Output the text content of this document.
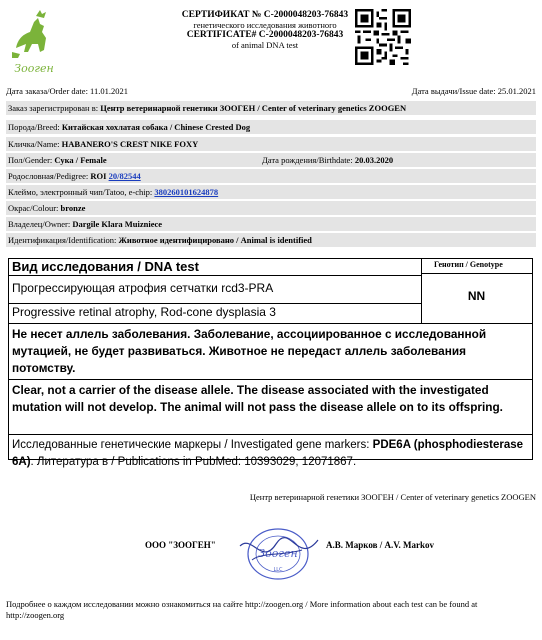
Зооген
СЕРТИФИКАТ № C-2000048203-76843
генетического исследования животного
CERTIFICATE# C-2000048203-76843
of animal DNA test
Дата заказа/Order date: 11.01.2021	Дата выдачи/Issue date: 25.01.2021
Заказ зарегистрирован в: Центр ветеринарной генетики ЗООГЕН / Center of veterinary genetics ZOOGEN
Порода/Breed: Китайская хохлатая собака / Chinese Crested Dog
Кличка/Name: HABANERO'S CREST NIKE FOXY
Пол/Gender: Сука / Female	Дата рождения/Birthdate: 20.03.2020
Родословная/Pedigree: ROI 20/82544
Клеймо, электронный чип/Tatoo, e-chip: 380260101624878
Окрас/Colour: bronze
Владелец/Owner: Dargile Klara Muizniece
Идентификация/Identification: Животное идентифицировано / Animal is identified
Вид исследования / DNA test	Генотип / Genotype
Прогрессирующая атрофия сетчатки rcd3-PRA
Progressive retinal atrophy, Rod-cone dysplasia 3
NN
Не несет аллель заболевания. Заболевание, ассоциированное с исследованной мутацией, не будет развиваться. Животное не передаст аллель заболевания потомству.
Clear, not a carrier of the disease allele. The disease associated with the investigated mutation will not develop. The animal will not pass the disease allele on to its offspring.
Исследованные генетические маркеры / Investigated gene markers: PDE6A (phosphodiesterase 6A). Литература в / Publications in PubMed: 10393029, 12071867.
Центр ветеринарной генетики ЗООГЕН / Center of veterinary genetics ZOOGEN
ООО "ЗООГЕН"
Зооген
LLC
А.В. Марков / A.V. Markov
Подробнее о каждом исследовании можно ознакомиться на сайте http://zoogen.org / More information about each test can be found at http://zoogen.org
